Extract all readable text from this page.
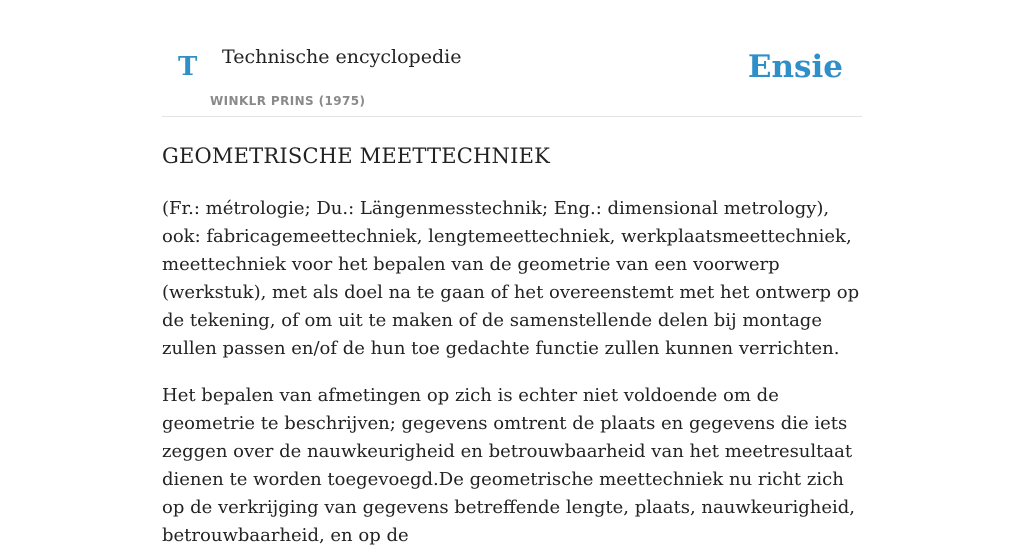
T Technische encyclopedie
WINKLR PRINS (1975)
Ensie
GEOMETRISCHE MEETTECHNIEK

(Fr.: métrologie; Du.: Längenmesstechnik; Eng.: dimensional metrology), ook: fabricagemeettechniek, lengtemeettechniek, werkplaatsmeettechniek, meettechniek voor het bepalen van de geometrie van een voorwerp (werkstuk), met als doel na te gaan of het overeenstemt met het ontwerp op de tekening, of om uit te maken of de samenstellende delen bij montage zullen passen en/of de hun toe gedachte functie zullen kunnen verrichten.

Het bepalen van afmetingen op zich is echter niet voldoende om de geometrie te beschrijven; gegevens omtrent de plaats en gegevens die iets zeggen over de nauwkeurigheid en betrouwbaarheid van het meetresultaat dienen te worden toegevoegd.De geometrische meettechniek nu richt zich op de verkrijging van gegevens betreffende lengte, plaats, nauwkeurigheid, betrouwbaarheid, en op de
